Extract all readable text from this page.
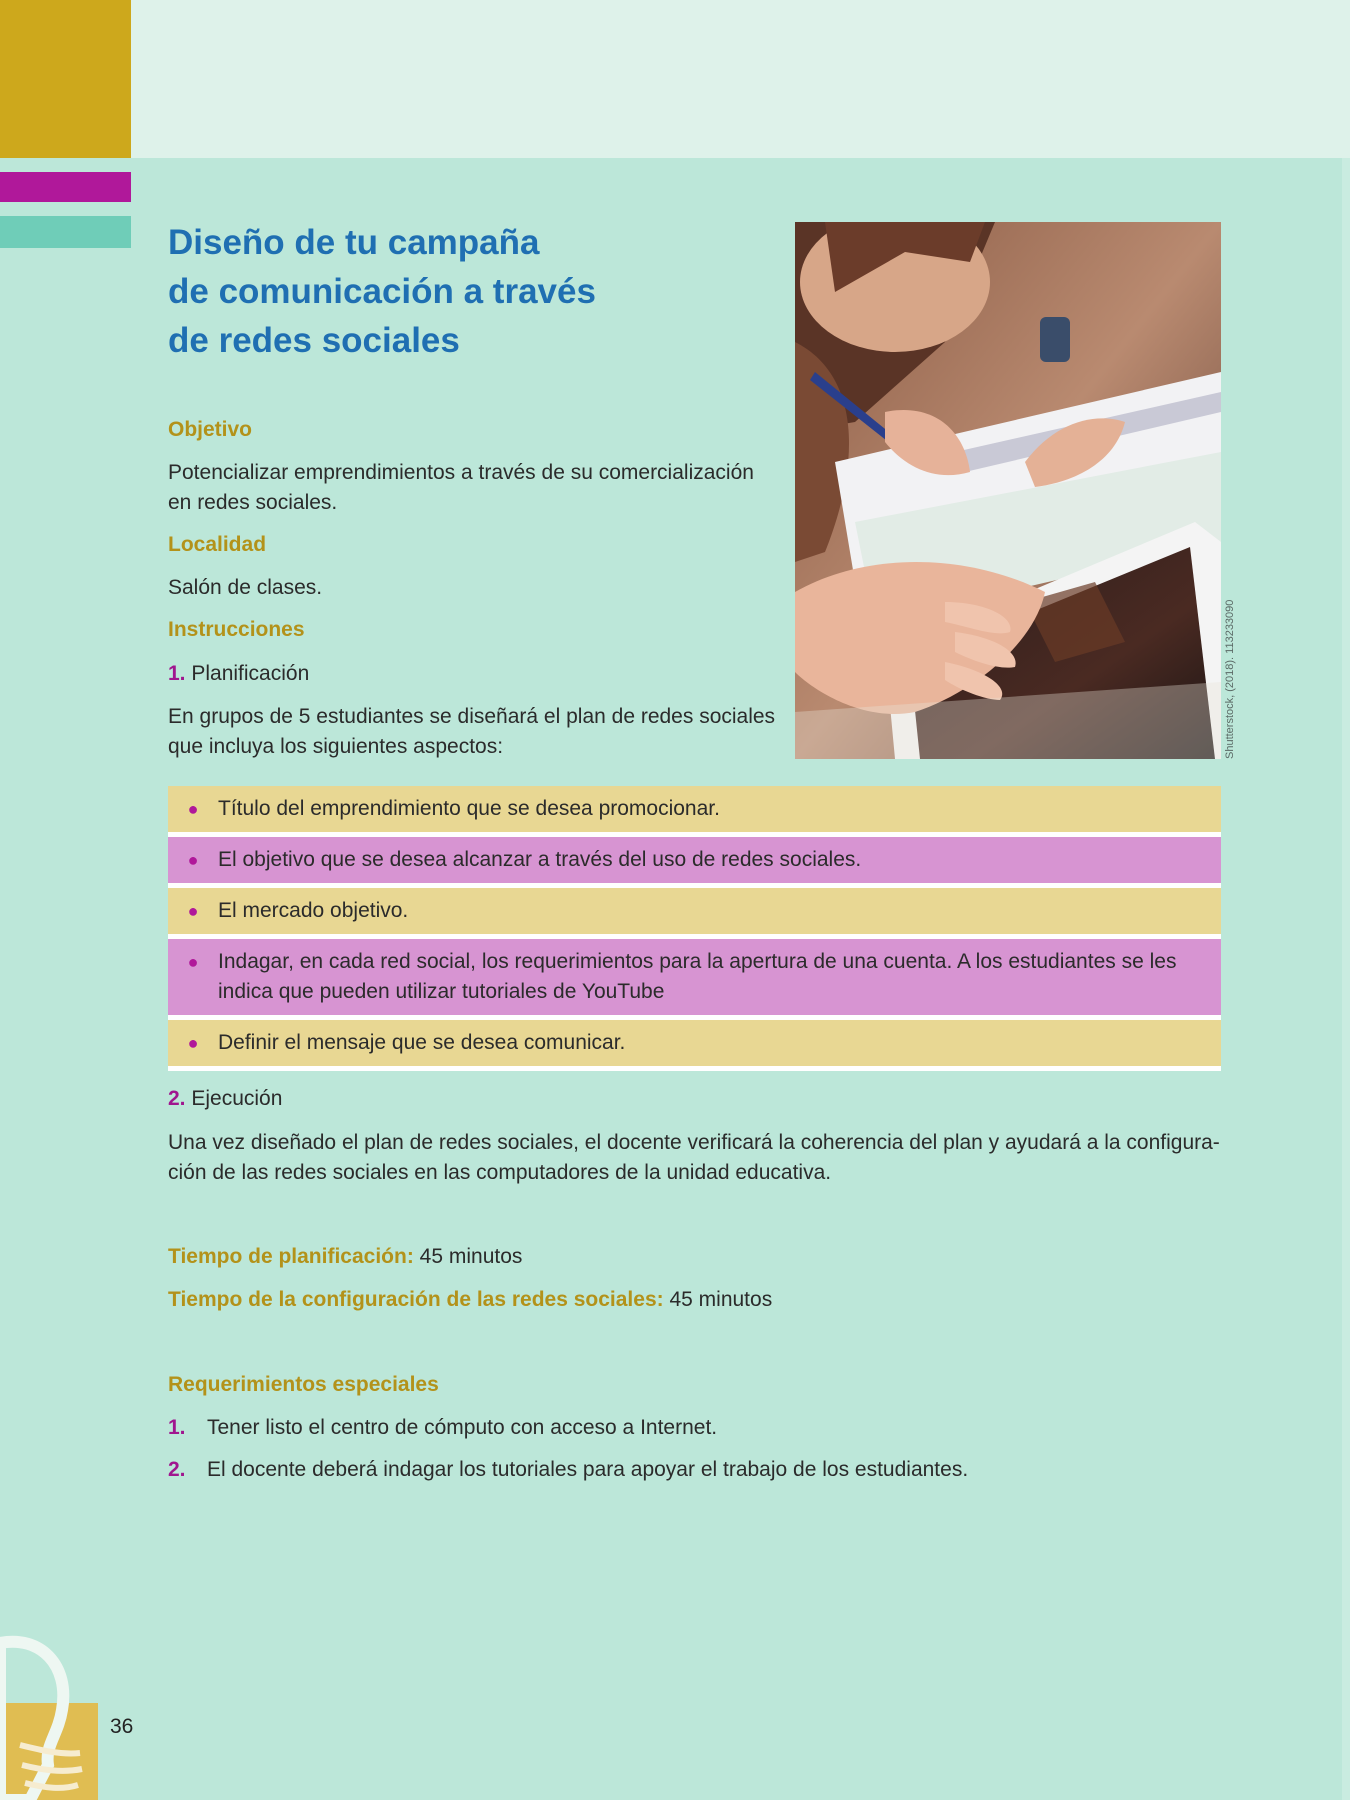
Diseño de tu campaña
de comunicación a través
de redes sociales
Objetivo

Potencializar emprendimientos a través de su comercialización
en redes sociales.

Localidad

Salón de clases.

Instrucciones

1. Planificación

En grupos de 5 estudiantes se diseñará el plan de redes sociales
que incluya los siguientes aspectos:	Shutterstock, (2018). 113233090
● Título del emprendimiento que se desea promocionar.
● El objetivo que se desea alcanzar a través del uso de redes sociales.
● El mercado objetivo.
● Indagar, en cada red social, los requerimientos para la apertura de una cuenta. A los estudiantes se les indica que pueden utilizar tutoriales de YouTube
● Definir el mensaje que se desea comunicar.

2. Ejecución

Una vez diseñado el plan de redes sociales, el docente verificará la coherencia del plan y ayudará a la configura-
ción de las redes sociales en las computadores de la unidad educativa.

Tiempo de planificación: 45 minutos

Tiempo de la configuración de las redes sociales: 45 minutos

Requerimientos especiales
1.	Tener listo el centro de cómputo con acceso a Internet.
2.	El docente deberá indagar los tutoriales para apoyar el trabajo de los estudiantes.
36
